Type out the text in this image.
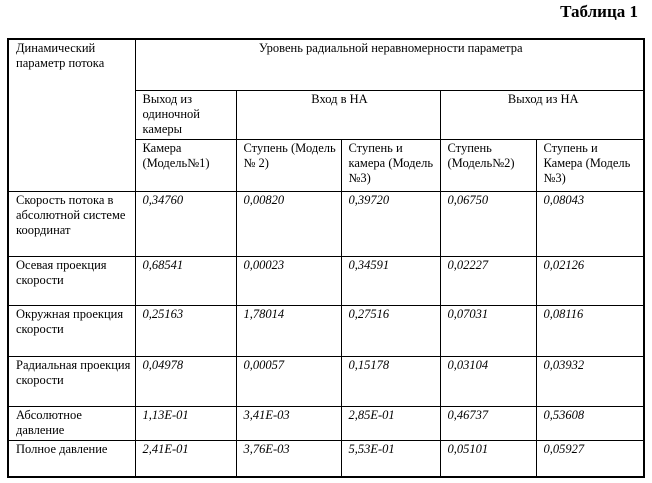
Таблица 1
Динамический параметр потока	Уровень радиальной неравномерности параметра				
	Выход из одиночной камеры	Вход в НА		Выход из НА	
	Камера (Модель№1)	Ступень (Модель № 2)	Ступень и камера (Модель №3)	Ступень (Модель№2)	Ступень и Камера (Модель №3)
Скорость потока в абсолютной системе координат	0,34760	0,00820	0,39720	0,06750	0,08043
Осевая проекция скорости	0,68541	0,00023	0,34591	0,02227	0,02126
Окружная проекция скорости	0,25163	1,78014	0,27516	0,07031	0,08116
Радиальная проекция скорости	0,04978	0,00057	0,15178	0,03104	0,03932
Абсолютное давление	1,13E-01	3,41E-03	2,85E-01	0,46737	0,53608
Полное давление	2,41E-01	3,76E-03	5,53E-01	0,05101	0,05927
